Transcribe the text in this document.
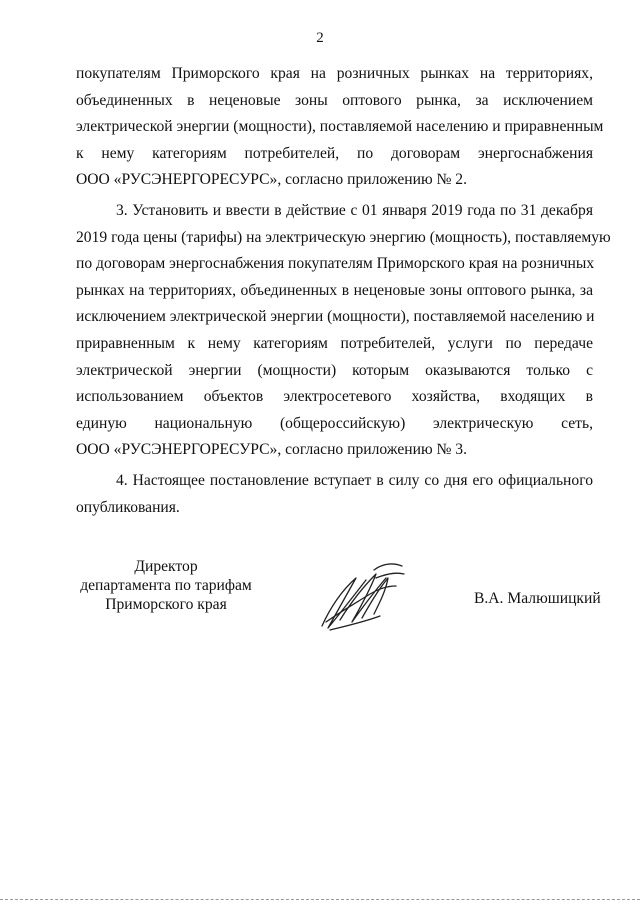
2
покупателям Приморского края на розничных рынках на территориях,
объединенных в неценовые зоны оптового рынка, за исключением
электрической энергии (мощности), поставляемой населению и приравненным
к нему категориям потребителей, по договорам энергоснабжения
ООО «РУСЭНЕРГОРЕСУРС», согласно приложению № 2.
3. Установить и ввести в действие с 01 января 2019 года по 31 декабря
2019 года цены (тарифы) на электрическую энергию (мощность), поставляемую
по договорам энергоснабжения покупателям Приморского края на розничных
рынках на территориях, объединенных в неценовые зоны оптового рынка, за
исключением электрической энергии (мощности), поставляемой населению и
приравненным к нему категориям потребителей, услуги по передаче
электрической энергии (мощности) которым оказываются только с
использованием объектов электросетевого хозяйства, входящих в
единую национальную (общероссийскую) электрическую сеть,
ООО «РУСЭНЕРГОРЕСУРС», согласно приложению № 3.
4. Настоящее постановление вступает в силу со дня его официального
опубликования.
Директор
департамента по тарифам
Приморского края	В.А. Малюшицкий
